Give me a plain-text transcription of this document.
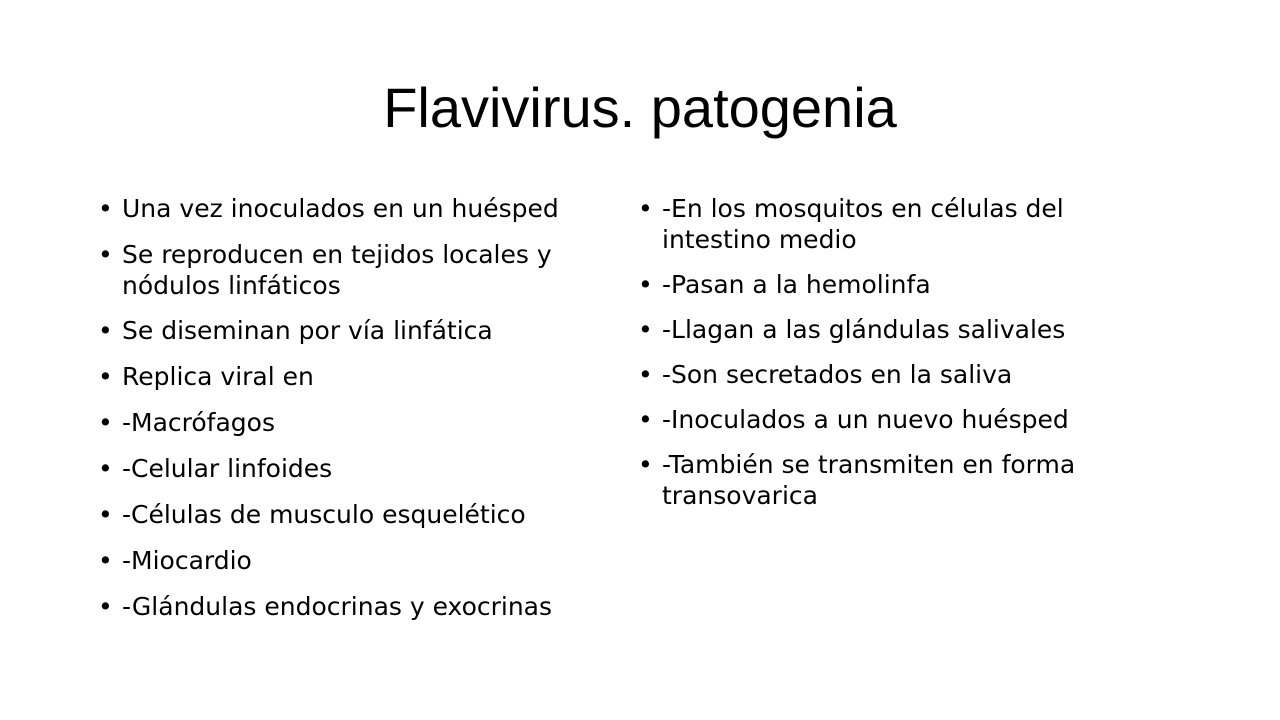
Flavivirus. patogenia
• Una vez inoculados en un huésped
• Se reproducen en tejidos locales y nódulos linfáticos
• Se diseminan por vía linfática
• Replica viral en
• -Macrófagos
• -Celular linfoides
• -Células de musculo esquelético
• -Miocardio
• -Glándulas endocrinas y exocrinas
• -En los mosquitos en células del intestino medio
• -Pasan a la hemolinfa
• -Llagan a las glándulas salivales
• -Son secretados en la saliva
• -Inoculados a un nuevo huésped
• -También se transmiten en forma transovarica
